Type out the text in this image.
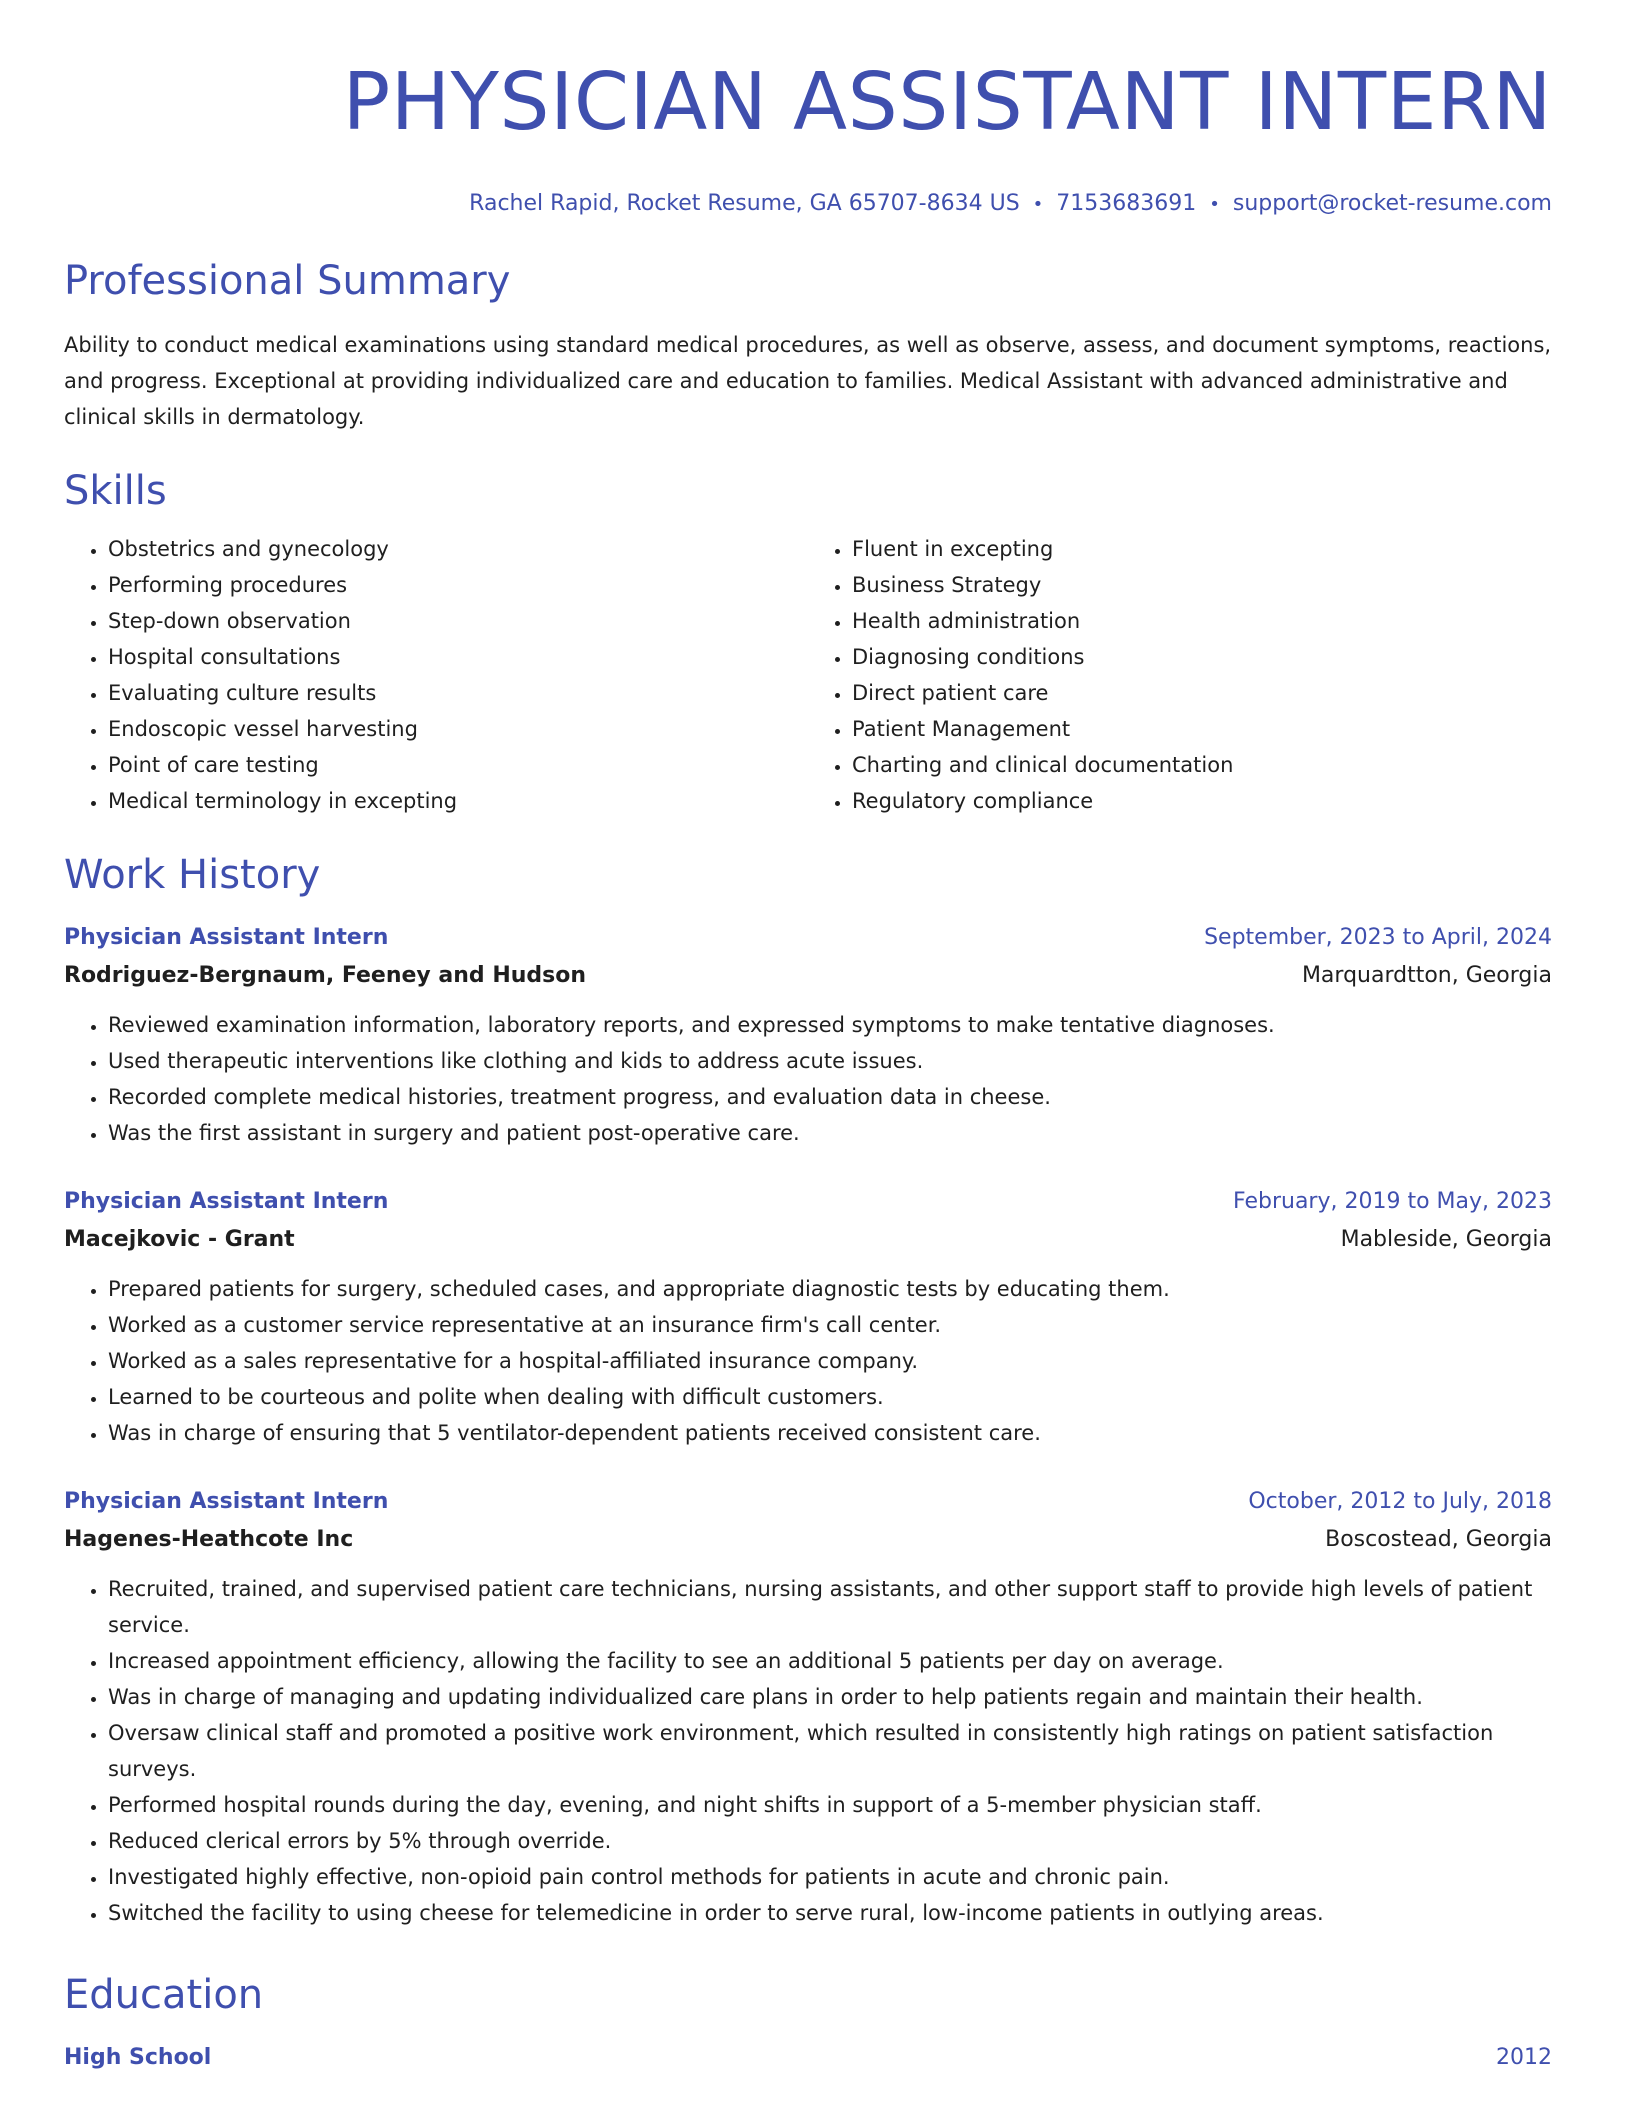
PHYSICIAN ASSISTANT INTERN
Rachel Rapid, Rocket Resume, GA 65707-8634 US • 7153683691 • support@rocket-resume.com
Professional Summary

Ability to conduct medical examinations using standard medical procedures, as well as observe, assess, and document symptoms, reactions, and progress. Exceptional at providing individualized care and education to families. Medical Assistant with advanced administrative and clinical skills in dermatology.

Skills
• Obstetrics and gynecology
• Performing procedures
• Step-down observation
• Hospital consultations
• Evaluating culture results
• Endoscopic vessel harvesting
• Point of care testing
• Medical terminology in excepting
• Fluent in excepting
• Business Strategy
• Health administration
• Diagnosing conditions
• Direct patient care
• Patient Management
• Charting and clinical documentation
• Regulatory compliance
Work History
Physician Assistant Intern	September, 2023 to April, 2024
Rodriguez-Bergnaum, Feeney and Hudson	Marquardtton, Georgia
• Reviewed examination information, laboratory reports, and expressed symptoms to make tentative diagnoses.
• Used therapeutic interventions like clothing and kids to address acute issues.
• Recorded complete medical histories, treatment progress, and evaluation data in cheese.
• Was the first assistant in surgery and patient post-operative care.
Physician Assistant Intern	February, 2019 to May, 2023
Macejkovic - Grant	Mableside, Georgia
• Prepared patients for surgery, scheduled cases, and appropriate diagnostic tests by educating them.
• Worked as a customer service representative at an insurance firm's call center.
• Worked as a sales representative for a hospital-affiliated insurance company.
• Learned to be courteous and polite when dealing with difficult customers.
• Was in charge of ensuring that 5 ventilator-dependent patients received consistent care.
Physician Assistant Intern	October, 2012 to July, 2018
Hagenes-Heathcote Inc	Boscostead, Georgia
• Recruited, trained, and supervised patient care technicians, nursing assistants, and other support staff to provide high levels of patient service.
• Increased appointment efficiency, allowing the facility to see an additional 5 patients per day on average.
• Was in charge of managing and updating individualized care plans in order to help patients regain and maintain their health.
• Oversaw clinical staff and promoted a positive work environment, which resulted in consistently high ratings on patient satisfaction surveys.
• Performed hospital rounds during the day, evening, and night shifts in support of a 5-member physician staff.
• Reduced clerical errors by 5% through override.
• Investigated highly effective, non-opioid pain control methods for patients in acute and chronic pain.
• Switched the facility to using cheese for telemedicine in order to serve rural, low-income patients in outlying areas.
Education
High School	2012
